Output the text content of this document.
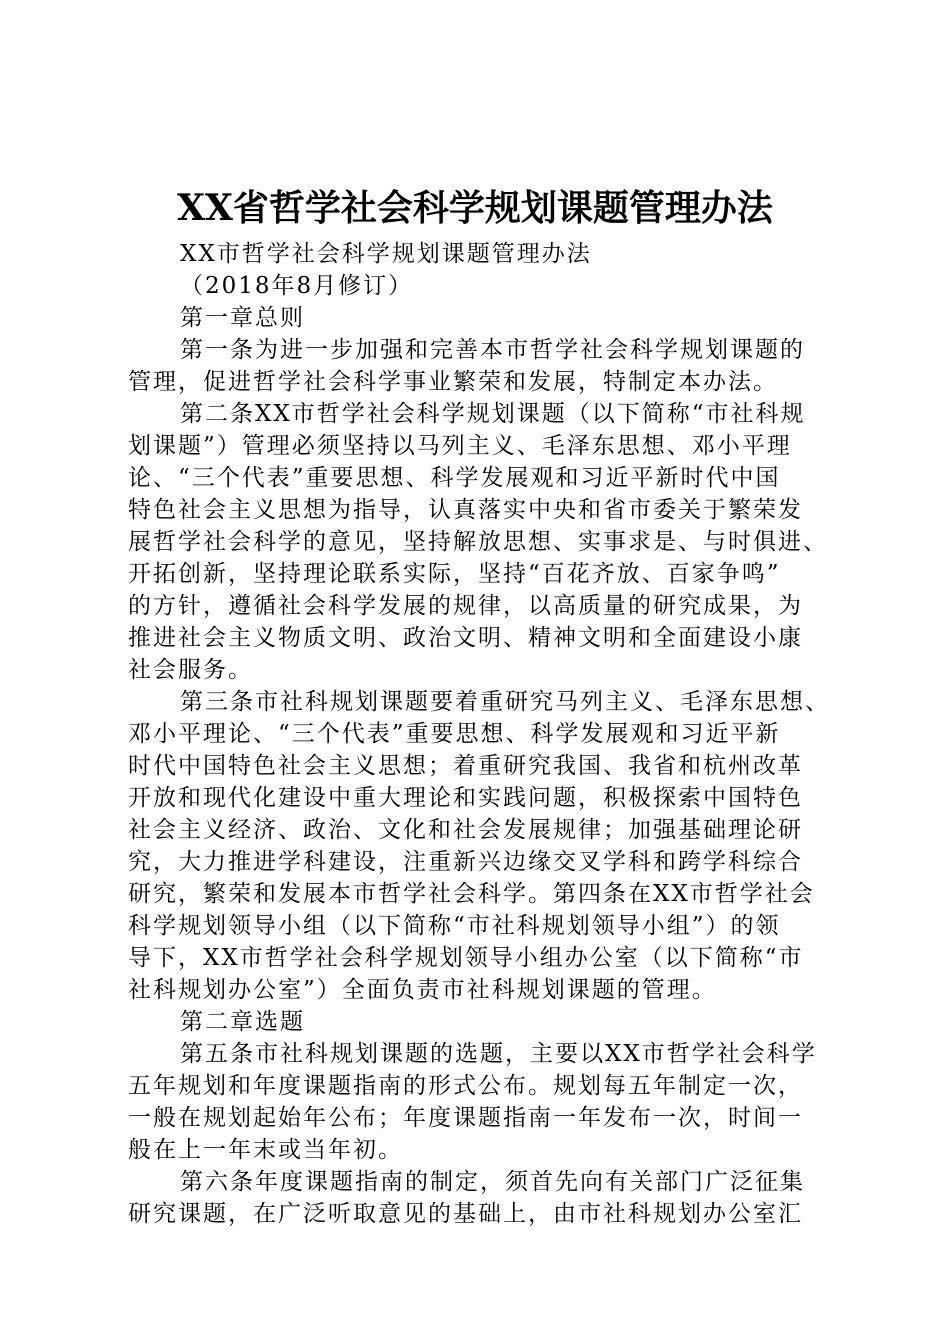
XX省哲学社会科学规划课题管理办法
XX市哲学社会科学规划课题管理办法
（2018年8月修订）
第一章总则
第一条为进一步加强和完善本市哲学社会科学规划课题的
管理，促进哲学社会科学事业繁荣和发展，特制定本办法。
第二条XX市哲学社会科学规划课题（以下简称“市社科规
划课题”）管理必须坚持以马列主义、毛泽东思想、邓小平理
论、“三个代表”重要思想、科学发展观和习近平新时代中国
特色社会主义思想为指导，认真落实中央和省市委关于繁荣发
展哲学社会科学的意见，坚持解放思想、实事求是、与时俱进、
开拓创新，坚持理论联系实际，坚持“百花齐放、百家争鸣”
的方针，遵循社会科学发展的规律，以高质量的研究成果，为
推进社会主义物质文明、政治文明、精神文明和全面建设小康
社会服务。
第三条市社科规划课题要着重研究马列主义、毛泽东思想、
邓小平理论、“三个代表”重要思想、科学发展观和习近平新
时代中国特色社会主义思想；着重研究我国、我省和杭州改革
开放和现代化建设中重大理论和实践问题，积极探索中国特色
社会主义经济、政治、文化和社会发展规律；加强基础理论研
究，大力推进学科建设，注重新兴边缘交叉学科和跨学科综合
研究，繁荣和发展本市哲学社会科学。第四条在XX市哲学社会
科学规划领导小组（以下简称“市社科规划领导小组”）的领
导下，XX市哲学社会科学规划领导小组办公室（以下简称“市
社科规划办公室”）全面负责市社科规划课题的管理。
第二章选题
第五条市社科规划课题的选题，主要以XX市哲学社会科学
五年规划和年度课题指南的形式公布。规划每五年制定一次，
一般在规划起始年公布；年度课题指南一年发布一次，时间一
般在上一年末或当年初。
第六条年度课题指南的制定，须首先向有关部门广泛征集
研究课题，在广泛听取意见的基础上，由市社科规划办公室汇
